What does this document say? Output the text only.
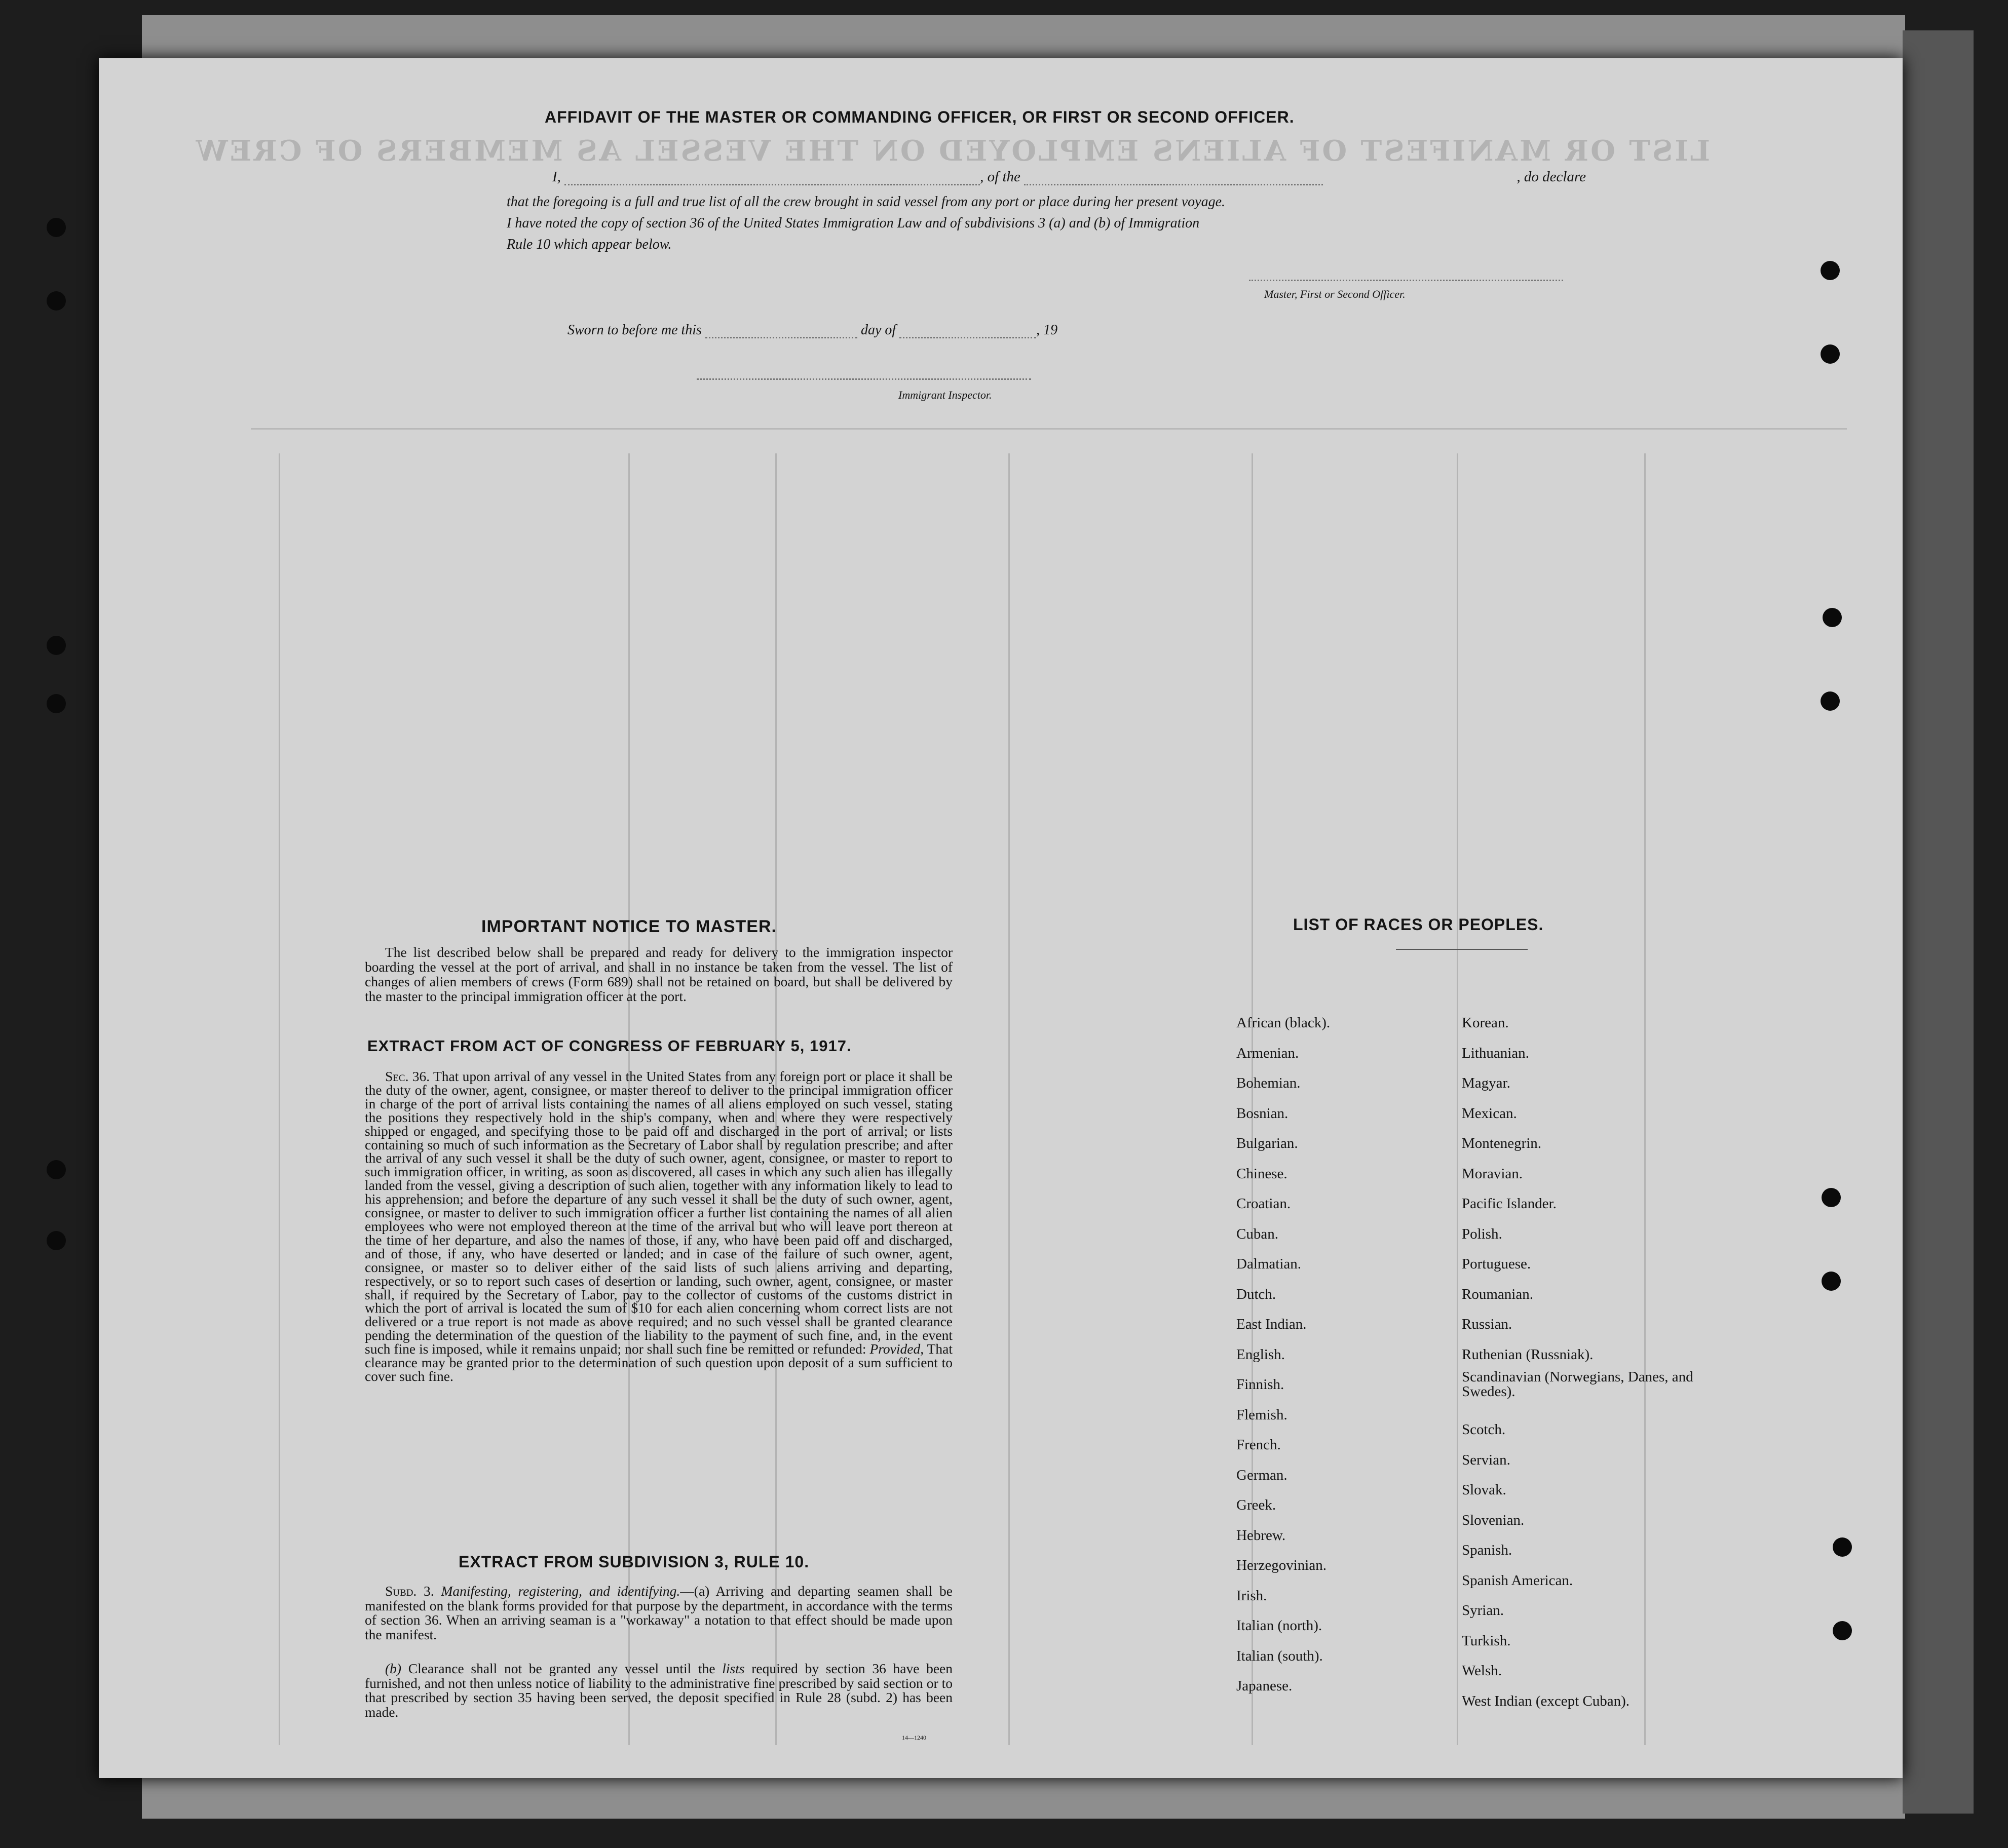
LIST OR MANIFEST OF ALIENS EMPLOYED ON THE VESSEL AS MEMBERS OF CREW
AFFIDAVIT OF THE MASTER OR COMMANDING OFFICER, OR FIRST OR SECOND OFFICER.
I,	, of the	, do declare
that the foregoing is a full and true list of all the crew brought in said vessel from any port or place during her present voyage.
I have noted the copy of section 36 of the United States Immigration Law and of subdivisions 3 (a) and (b) of Immigration
Rule 10 which appear below.
Master, First or Second Officer.
Sworn to before me this	day of	, 19
Immigrant Inspector.
IMPORTANT NOTICE TO MASTER.
The list described below shall be prepared and ready for delivery to the immigration inspector boarding the vessel at the port of arrival, and shall in no instance be taken from the vessel. The list of changes of alien members of crews (Form 689) shall not be retained on board, but shall be delivered by the master to the principal immigration officer at the port.
EXTRACT FROM ACT OF CONGRESS OF FEBRUARY 5, 1917.
Sec. 36. That upon arrival of any vessel in the United States from any foreign port or place it shall be the duty of the owner, agent, consignee, or master thereof to deliver to the principal immigration officer in charge of the port of arrival lists containing the names of all aliens employed on such vessel, stating the positions they respectively hold in the ship's company, when and where they were respectively shipped or engaged, and specifying those to be paid off and discharged in the port of arrival; or lists containing so much of such information as the Secretary of Labor shall by regulation prescribe; and after the arrival of any such vessel it shall be the duty of such owner, agent, consignee, or master to report to such immigration officer, in writing, as soon as discovered, all cases in which any such alien has illegally landed from the vessel, giving a description of such alien, together with any information likely to lead to his apprehension; and before the departure of any such vessel it shall be the duty of such owner, agent, consignee, or master to deliver to such immigration officer a further list containing the names of all alien employees who were not employed thereon at the time of the arrival but who will leave port thereon at the time of her departure, and also the names of those, if any, who have been paid off and discharged, and of those, if any, who have deserted or landed; and in case of the failure of such owner, agent, consignee, or master so to deliver either of the said lists of such aliens arriving and departing, respectively, or so to report such cases of desertion or landing, such owner, agent, consignee, or master shall, if required by the Secretary of Labor, pay to the collector of customs of the customs district in which the port of arrival is located the sum of $10 for each alien concerning whom correct lists are not delivered or a true report is not made as above required; and no such vessel shall be granted clearance pending the determination of the question of the liability to the payment of such fine, and, in the event such fine is imposed, while it remains unpaid; nor shall such fine be remitted or refunded: Provided, That clearance may be granted prior to the determination of such question upon deposit of a sum sufficient to cover such fine.
EXTRACT FROM SUBDIVISION 3, RULE 10.
Subd. 3. Manifesting, registering, and identifying.—(a) Arriving and departing seamen shall be manifested on the blank forms provided for that purpose by the department, in accordance with the terms of section 36. When an arriving seaman is a "workaway" a notation to that effect should be made upon the manifest.
(b) Clearance shall not be granted any vessel until the lists required by section 36 have been furnished, and not then unless notice of liability to the administrative fine prescribed by said section or to that prescribed by section 35 having been served, the deposit specified in Rule 28 (subd. 2) has been made.
14—1240
LIST OF RACES OR PEOPLES.
African (black).
Armenian.
Bohemian.
Bosnian.
Bulgarian.
Chinese.
Croatian.
Cuban.
Dalmatian.
Dutch.
East Indian.
English.
Finnish.
Flemish.
French.
German.
Greek.
Hebrew.
Herzegovinian.
Irish.
Italian (north).
Italian (south).
Japanese.
Korean.
Lithuanian.
Magyar.
Mexican.
Montenegrin.
Moravian.
Pacific Islander.
Polish.
Portuguese.
Roumanian.
Russian.
Ruthenian (Russniak).
Scandinavian (Norwegians, Danes, and Swedes).
Scotch.
Servian.
Slovak.
Slovenian.
Spanish.
Spanish American.
Syrian.
Turkish.
Welsh.
West Indian (except Cuban).
